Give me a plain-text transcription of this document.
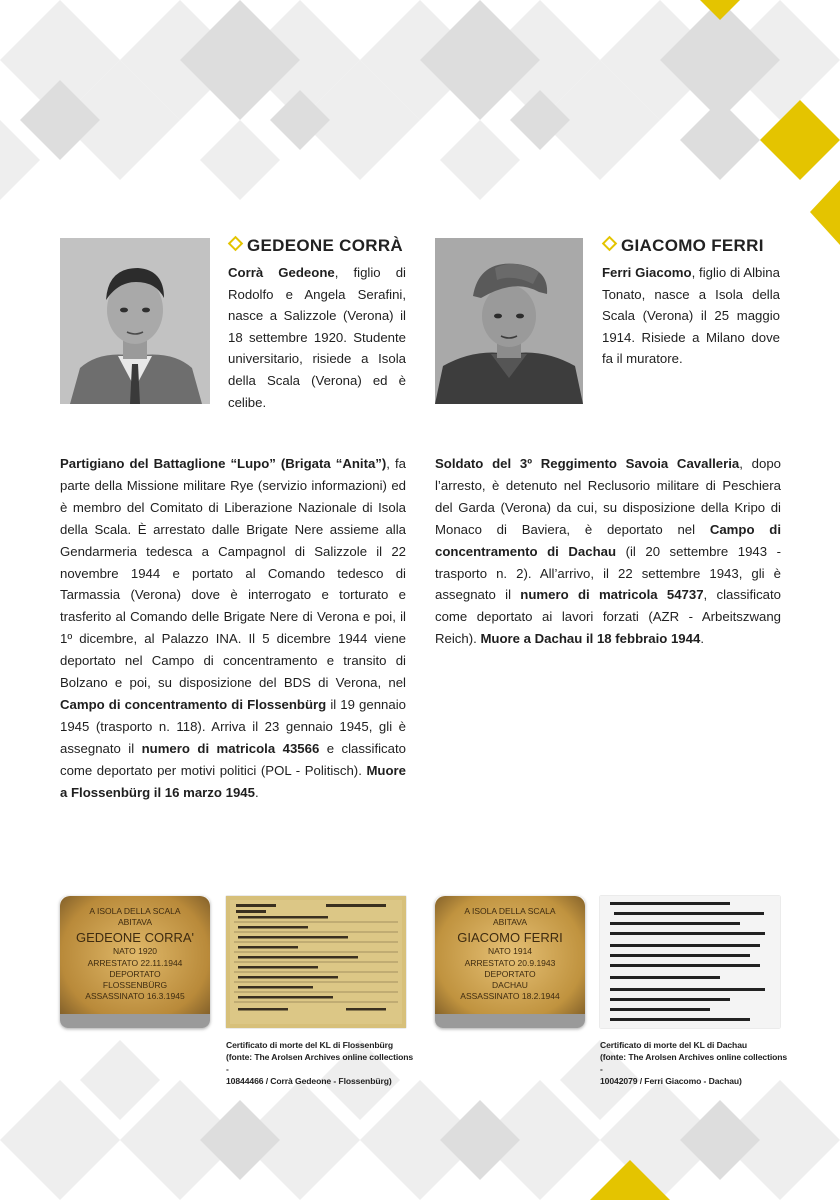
GEDEONE CORRÀ
Corrà Gedeone, figlio di Rodolfo e Angela Serafini, nasce a Salizzole (Verona) il 18 settembre 1920. Studente universitario, risiede a Isola della Scala (Verona) ed è celibe.
GIACOMO FERRI
Ferri Giacomo, figlio di Albina Tonato, nasce a Isola della Scala (Verona) il 25 maggio 1914. Risiede a Milano dove fa il muratore.
Partigiano del Battaglione “Lupo” (Brigata “Anita”), fa parte della Missione militare Rye (servizio informazioni) ed è membro del Comitato di Liberazione Nazionale di Isola della Scala. È arrestato dalle Brigate Nere assieme alla Gendarmeria tedesca a Campagnol di Salizzole il 22 novembre 1944 e portato al Comando tedesco di Tarmassia (Verona) dove è interrogato e torturato e trasferito al Comando delle Brigate Nere di Verona e poi, il 1º dicembre, al Palazzo INA. Il 5 dicembre 1944 viene deportato nel Campo di concentramento e transito di Bolzano e poi, su disposizione del BDS di Verona, nel Campo di concentramento di Flossenbürg il 19 gennaio 1945 (trasporto n. 118). Arriva il 23 gennaio 1945, gli è assegnato il numero di matricola 43566 e classificato come deportato per motivi politici (POL - Politisch). Muore a Flossenbürg il 16 marzo 1945.
Soldato del 3º Reggimento Savoia Cavalleria, dopo l’arresto, è detenuto nel Reclusorio militare di Peschiera del Garda (Verona) da cui, su disposizione della Kripo di Monaco di Baviera, è deportato nel Campo di concentramento di Dachau (il 20 settembre 1943 - trasporto n. 2). All’arrivo, il 22 settembre 1943, gli è assegnato il numero di matricola 54737, classificato come deportato ai lavori forzati (AZR - Arbeitszwang Reich). Muore a Dachau il 18 febbraio 1944.
A ISOLA DELLA SCALA
ABITAVA
GEDEONE CORRA'
NATO 1920
ARRESTATO 22.11.1944
DEPORTATO
FLOSSENBÜRG
ASSASSINATO 16.3.1945
Certificato di morte del KL di Flossenbürg
(fonte: The Arolsen Archives online collections -
10844466 / Corrà Gedeone - Flossenbürg)
A ISOLA DELLA SCALA
ABITAVA
GIACOMO FERRI
NATO 1914
ARRESTATO 20.9.1943
DEPORTATO
DACHAU
ASSASSINATO 18.2.1944
Certificato di morte del KL di Dachau
(fonte: The Arolsen Archives online collections -
10042079 / Ferri Giacomo - Dachau)
